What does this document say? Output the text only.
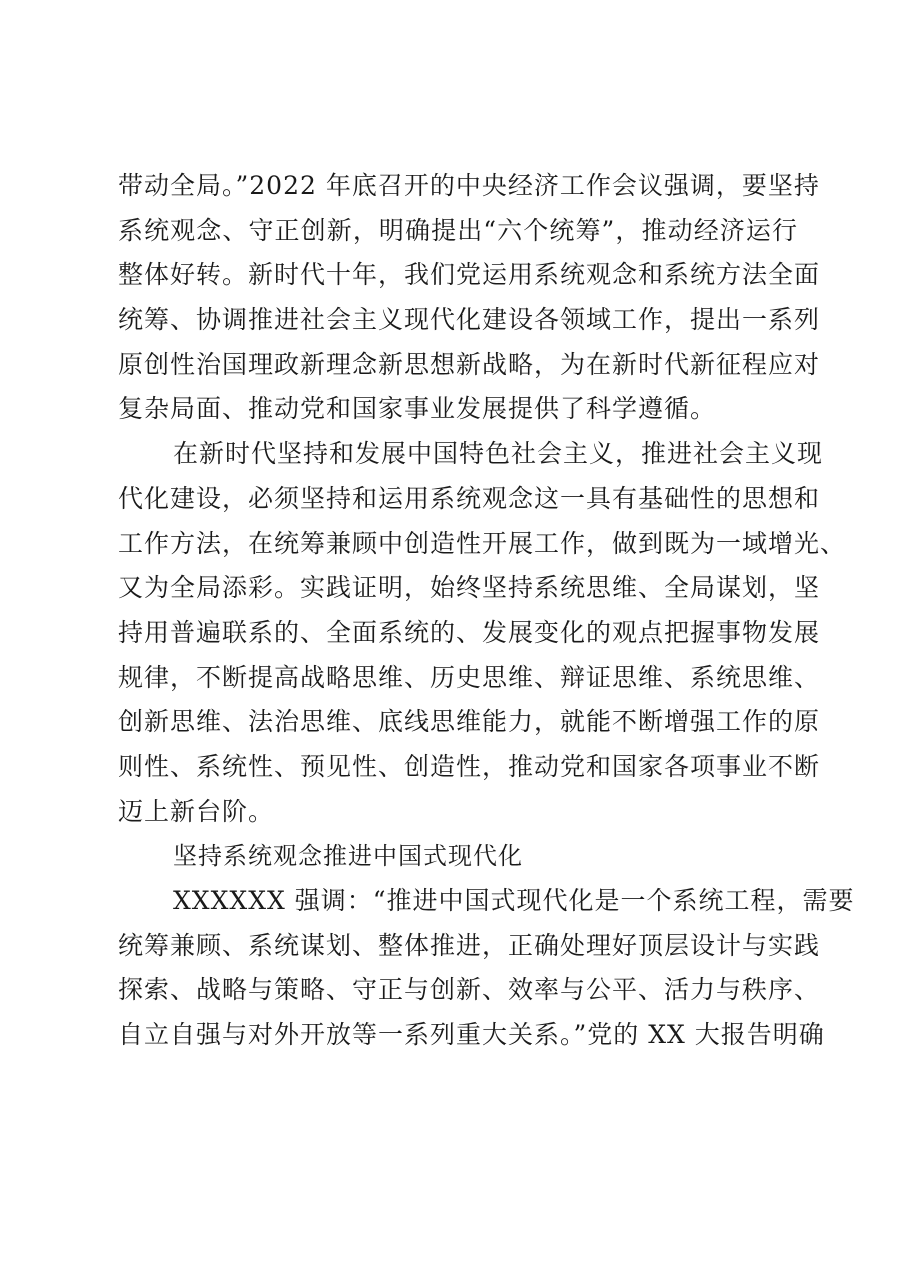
带动全局。”2022 年底召开的中央经济工作会议强调，要坚持
系统观念、守正创新，明确提出“六个统筹”，推动经济运行
整体好转。新时代十年，我们党运用系统观念和系统方法全面
统筹、协调推进社会主义现代化建设各领域工作，提出一系列
原创性治国理政新理念新思想新战略，为在新时代新征程应对
复杂局面、推动党和国家事业发展提供了科学遵循。
在新时代坚持和发展中国特色社会主义，推进社会主义现
代化建设，必须坚持和运用系统观念这一具有基础性的思想和
工作方法，在统筹兼顾中创造性开展工作，做到既为一域增光、
又为全局添彩。实践证明，始终坚持系统思维、全局谋划，坚
持用普遍联系的、全面系统的、发展变化的观点把握事物发展
规律，不断提高战略思维、历史思维、辩证思维、系统思维、
创新思维、法治思维、底线思维能力，就能不断增强工作的原
则性、系统性、预见性、创造性，推动党和国家各项事业不断
迈上新台阶。
坚持系统观念推进中国式现代化
XXXXXX 强调：“推进中国式现代化是一个系统工程，需要
统筹兼顾、系统谋划、整体推进，正确处理好顶层设计与实践
探索、战略与策略、守正与创新、效率与公平、活力与秩序、
自立自强与对外开放等一系列重大关系。”党的 XX 大报告明确
